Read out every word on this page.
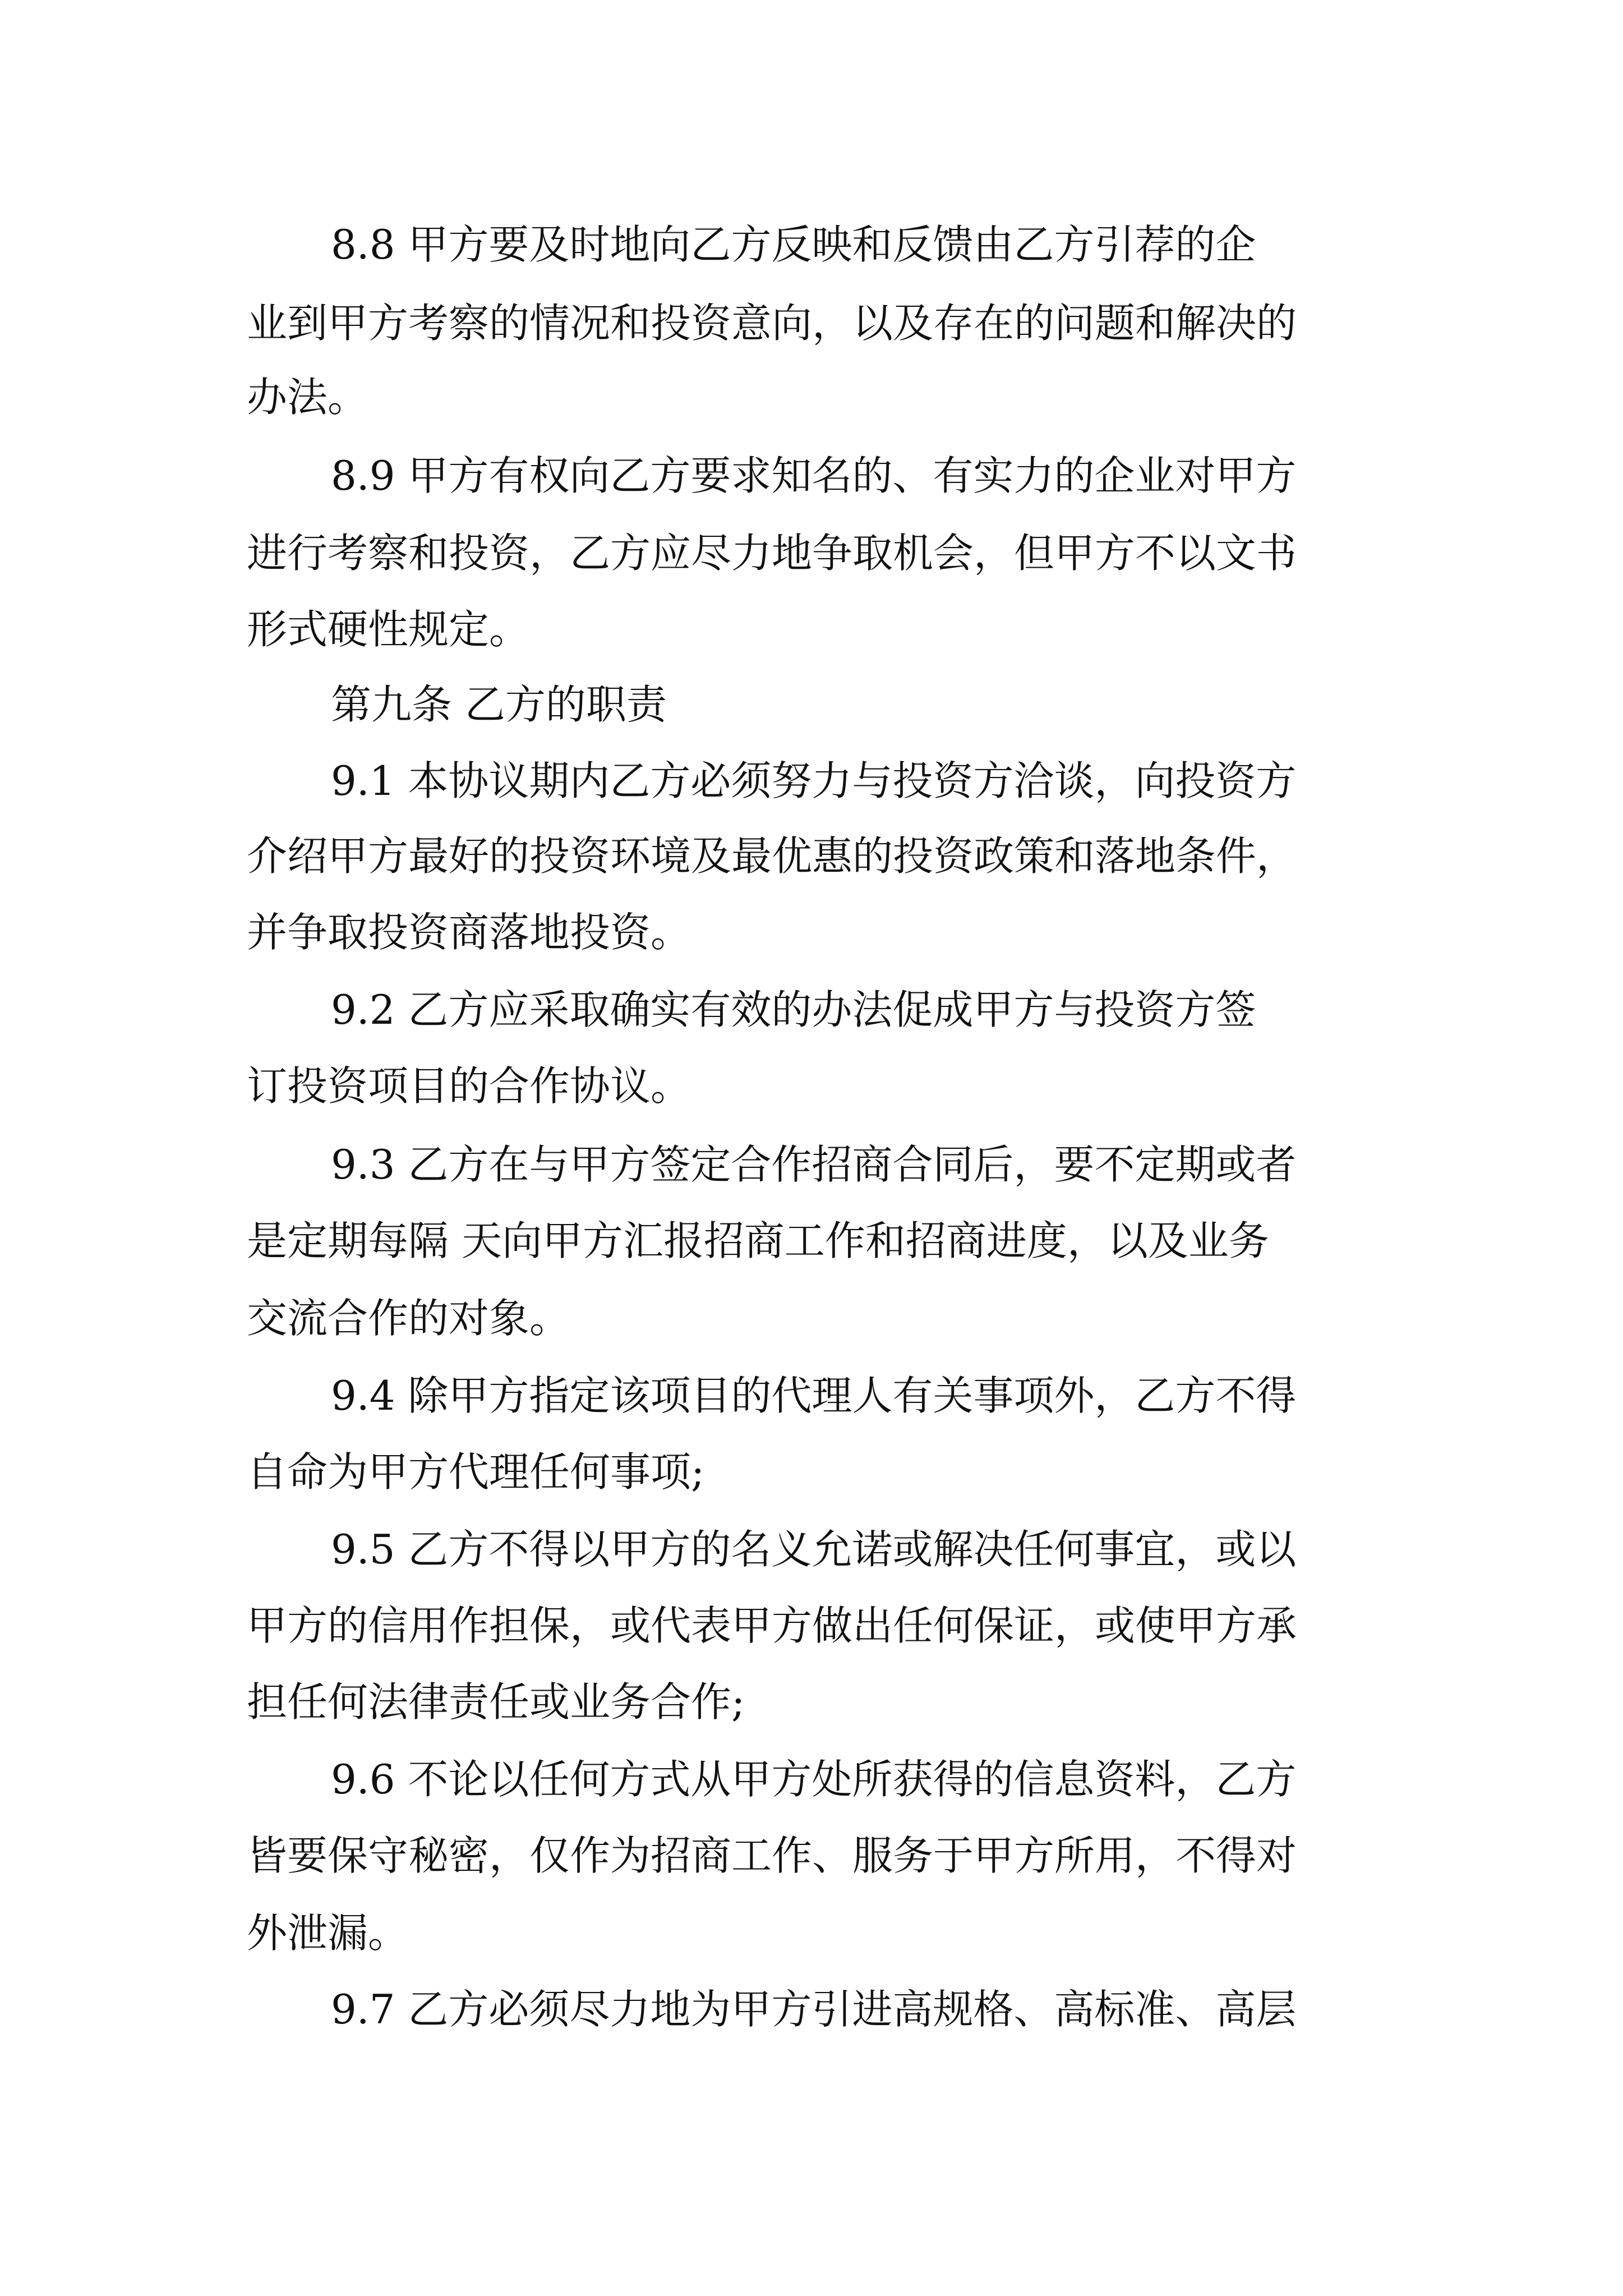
8.8 甲方要及时地向乙方反映和反馈由乙方引荐的企

业到甲方考察的情况和投资意向，以及存在的问题和解决的

办法。

8.9 甲方有权向乙方要求知名的、有实力的企业对甲方

进行考察和投资，乙方应尽力地争取机会，但甲方不以文书

形式硬性规定。

第九条 乙方的职责

9.1 本协议期内乙方必须努力与投资方洽谈，向投资方

介绍甲方最好的投资环境及最优惠的投资政策和落地条件，

并争取投资商落地投资。

9.2 乙方应采取确实有效的办法促成甲方与投资方签

订投资项目的合作协议。

9.3 乙方在与甲方签定合作招商合同后，要不定期或者

是定期每隔 天向甲方汇报招商工作和招商进度，以及业务

交流合作的对象。

9.4 除甲方指定该项目的代理人有关事项外，乙方不得

自命为甲方代理任何事项;

9.5 乙方不得以甲方的名义允诺或解决任何事宜，或以

甲方的信用作担保，或代表甲方做出任何保证，或使甲方承

担任何法律责任或业务合作;

9.6 不论以任何方式从甲方处所获得的信息资料，乙方

皆要保守秘密，仅作为招商工作、服务于甲方所用，不得对

外泄漏。

9.7 乙方必须尽力地为甲方引进高规格、高标准、高层
